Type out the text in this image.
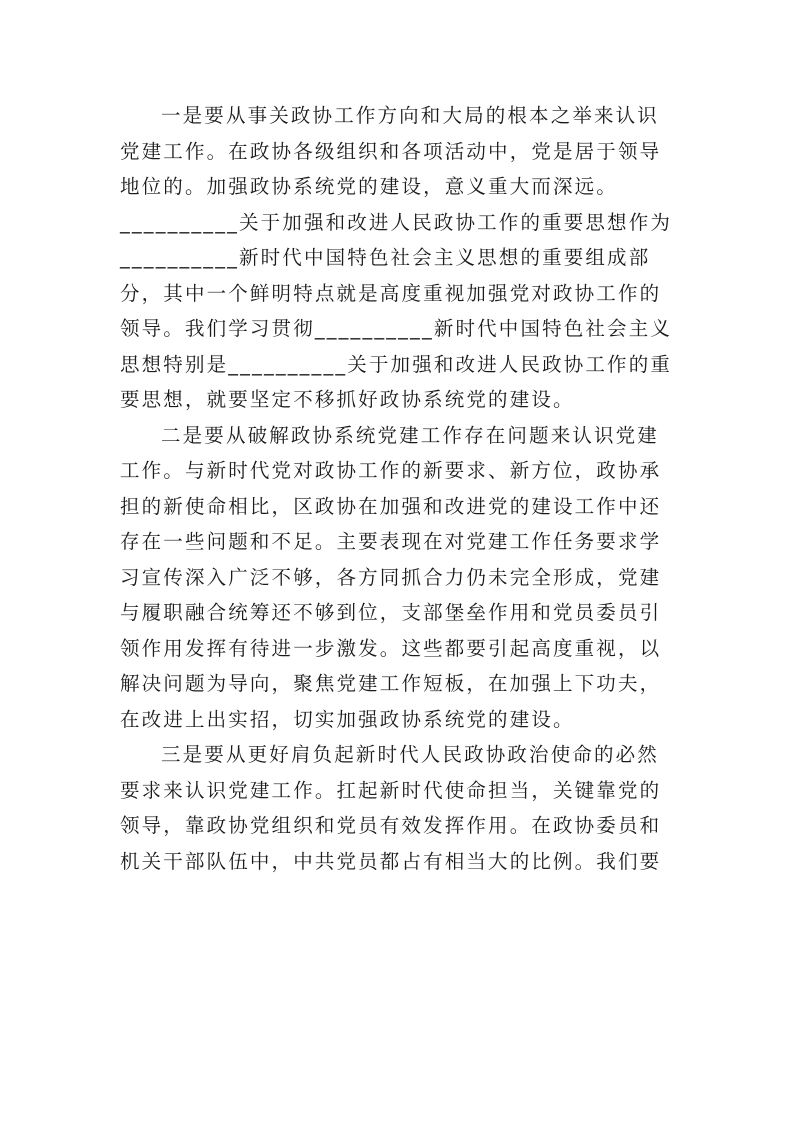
一是要从事关政协工作方向和大局的根本之举来认识
党建工作。在政协各级组织和各项活动中，党是居于领导
地位的。加强政协系统党的建设，意义重大而深远。
__________关于加强和改进人民政协工作的重要思想作为
__________新时代中国特色社会主义思想的重要组成部
分，其中一个鲜明特点就是高度重视加强党对政协工作的
领导。我们学习贯彻__________新时代中国特色社会主义
思想特别是__________关于加强和改进人民政协工作的重
要思想，就要坚定不移抓好政协系统党的建设。
二是要从破解政协系统党建工作存在问题来认识党建
工作。与新时代党对政协工作的新要求、新方位，政协承
担的新使命相比，区政协在加强和改进党的建设工作中还
存在一些问题和不足。主要表现在对党建工作任务要求学
习宣传深入广泛不够，各方同抓合力仍未完全形成，党建
与履职融合统筹还不够到位，支部堡垒作用和党员委员引
领作用发挥有待进一步激发。这些都要引起高度重视，以
解决问题为导向，聚焦党建工作短板，在加强上下功夫，
在改进上出实招，切实加强政协系统党的建设。
三是要从更好肩负起新时代人民政协政治使命的必然
要求来认识党建工作。扛起新时代使命担当，关键靠党的
领导，靠政协党组织和党员有效发挥作用。在政协委员和
机关干部队伍中，中共党员都占有相当大的比例。我们要
